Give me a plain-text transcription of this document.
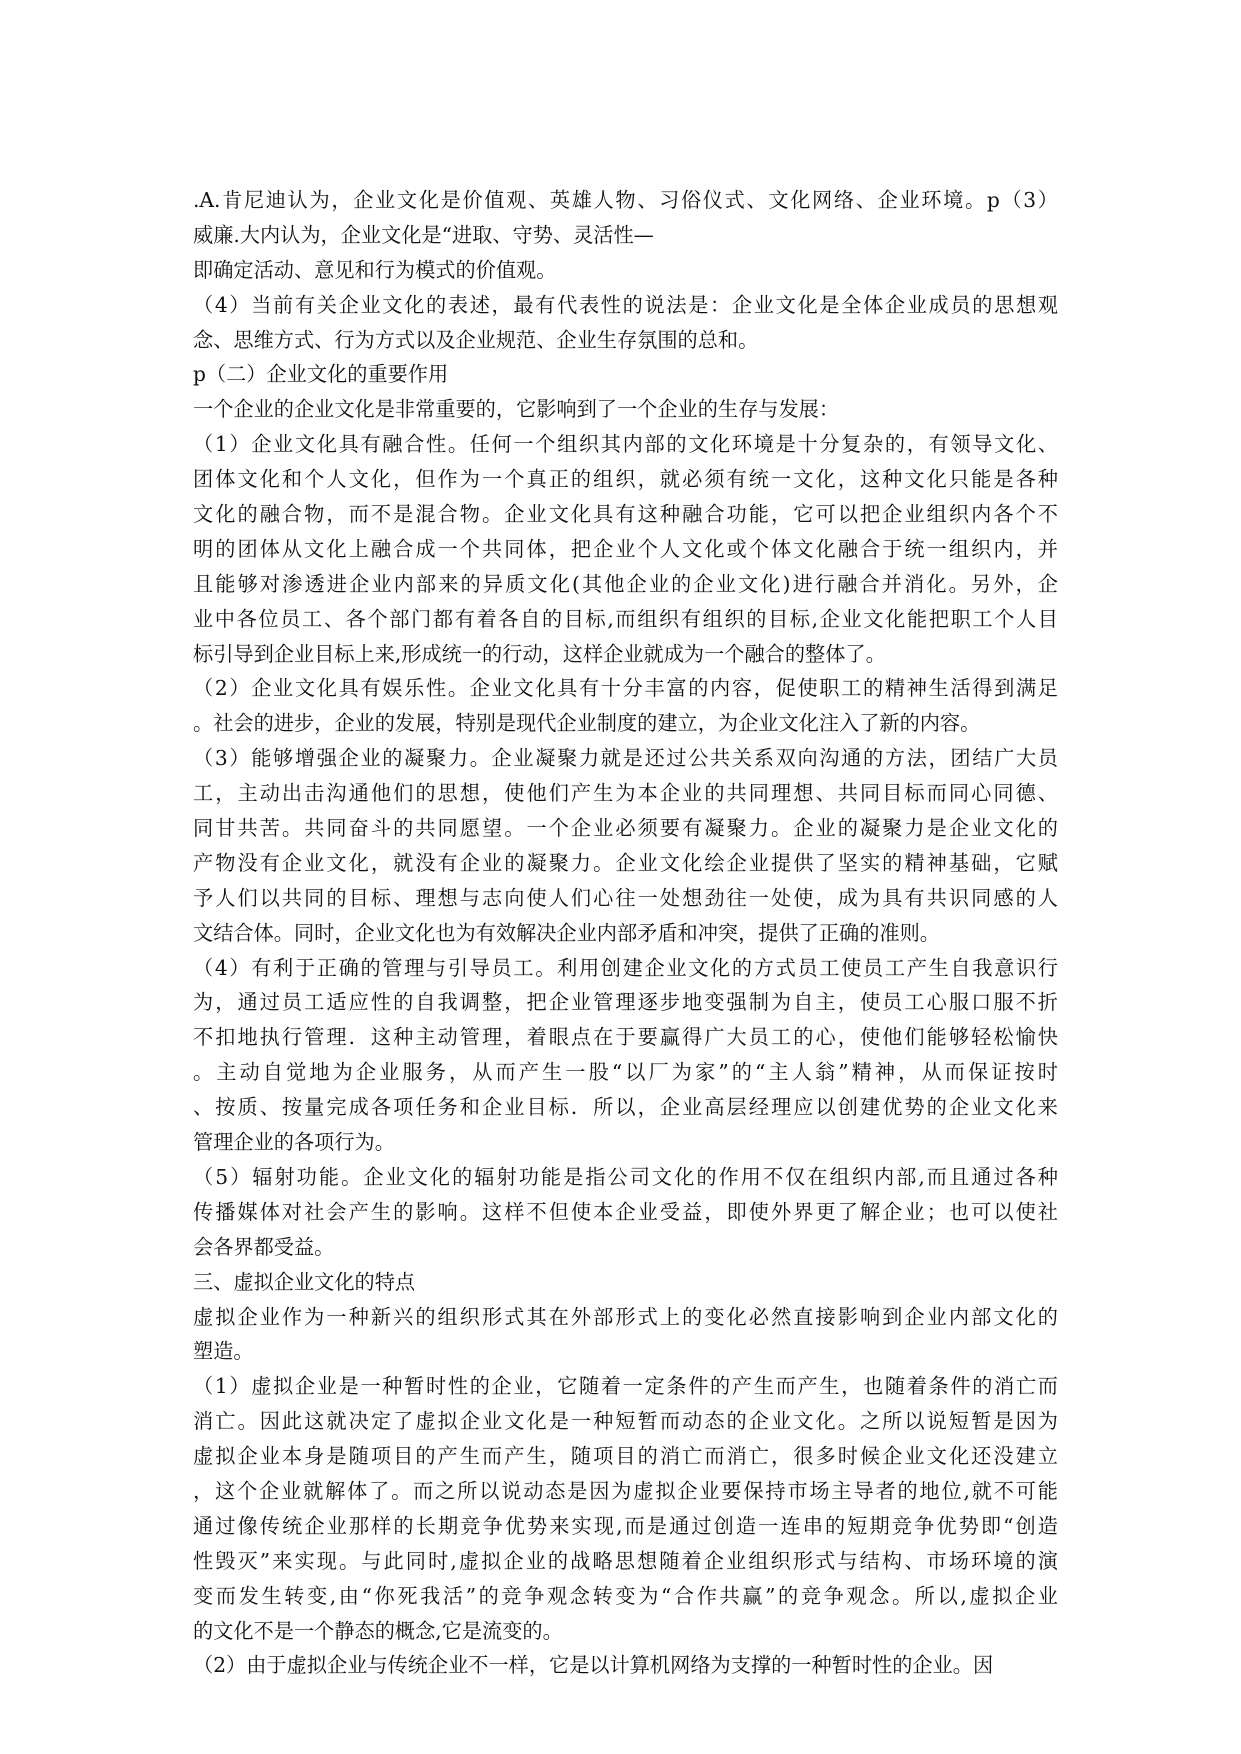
.A.肯尼迪认为，企业文化是价值观、英雄人物、习俗仪式、文化网络、企业环境。p（3）
威廉.大内认为，企业文化是“进取、守势、灵活性—
即确定活动、意见和行为模式的价值观。
（4）当前有关企业文化的表述，最有代表性的说法是：企业文化是全体企业成员的思想观
念、思维方式、行为方式以及企业规范、企业生存氛围的总和。
p（二）企业文化的重要作用
一个企业的企业文化是非常重要的，它影响到了一个企业的生存与发展：
（1）企业文化具有融合性。任何一个组织其内部的文化环境是十分复杂的，有领导文化、
团体文化和个人文化，但作为一个真正的组织，就必须有统一文化，这种文化只能是各种
文化的融合物，而不是混合物。企业文化具有这种融合功能，它可以把企业组织内各个不
明的团体从文化上融合成一个共同体，把企业个人文化或个体文化融合于统一组织内，并
且能够对渗透进企业内部来的异质文化(其他企业的企业文化)进行融合并消化。另外，企
业中各位员工、各个部门都有着各自的目标,而组织有组织的目标,企业文化能把职工个人目
标引导到企业目标上来,形成统一的行动，这样企业就成为一个融合的整体了。
（2）企业文化具有娱乐性。企业文化具有十分丰富的内容，促使职工的精神生活得到满足
。社会的进步，企业的发展，特别是现代企业制度的建立，为企业文化注入了新的内容。
（3）能够增强企业的凝聚力。企业凝聚力就是还过公共关系双向沟通的方法，团结广大员
工，主动出击沟通他们的思想，使他们产生为本企业的共同理想、共同目标而同心同德、
同甘共苦。共同奋斗的共同愿望。一个企业必须要有凝聚力。企业的凝聚力是企业文化的
产物没有企业文化，就没有企业的凝聚力。企业文化绘企业提供了坚实的精神基础，它赋
予人们以共同的目标、理想与志向使人们心往一处想劲往一处使，成为具有共识同感的人
文结合体。同时，企业文化也为有效解决企业内部矛盾和冲突，提供了正确的准则。
（4）有利于正确的管理与引导员工。利用创建企业文化的方式员工使员工产生自我意识行
为，通过员工适应性的自我调整，把企业管理逐步地变强制为自主，使员工心服口服不折
不扣地执行管理．这种主动管理，着眼点在于要赢得广大员工的心，使他们能够轻松愉快
。主动自觉地为企业服务，从而产生一股“以厂为家”的“主人翁”精神，从而保证按时
、按质、按量完成各项任务和企业目标．所以，企业高层经理应以创建优势的企业文化来
管理企业的各项行为。
（5）辐射功能。企业文化的辐射功能是指公司文化的作用不仅在组织内部,而且通过各种
传播媒体对社会产生的影响。这样不但使本企业受益，即使外界更了解企业；也可以使社
会各界都受益。
三、虚拟企业文化的特点
虚拟企业作为一种新兴的组织形式其在外部形式上的变化必然直接影响到企业内部文化的
塑造。
（1）虚拟企业是一种暂时性的企业，它随着一定条件的产生而产生，也随着条件的消亡而
消亡。因此这就决定了虚拟企业文化是一种短暂而动态的企业文化。之所以说短暂是因为
虚拟企业本身是随项目的产生而产生，随项目的消亡而消亡，很多时候企业文化还没建立
，这个企业就解体了。而之所以说动态是因为虚拟企业要保持市场主导者的地位,就不可能
通过像传统企业那样的长期竞争优势来实现,而是通过创造一连串的短期竞争优势即“创造
性毁灭”来实现。与此同时,虚拟企业的战略思想随着企业组织形式与结构、市场环境的演
变而发生转变,由“你死我活”的竞争观念转变为“合作共赢”的竞争观念。所以,虚拟企业
的文化不是一个静态的概念,它是流变的。
（2）由于虚拟企业与传统企业不一样，它是以计算机网络为支撑的一种暂时性的企业。因
